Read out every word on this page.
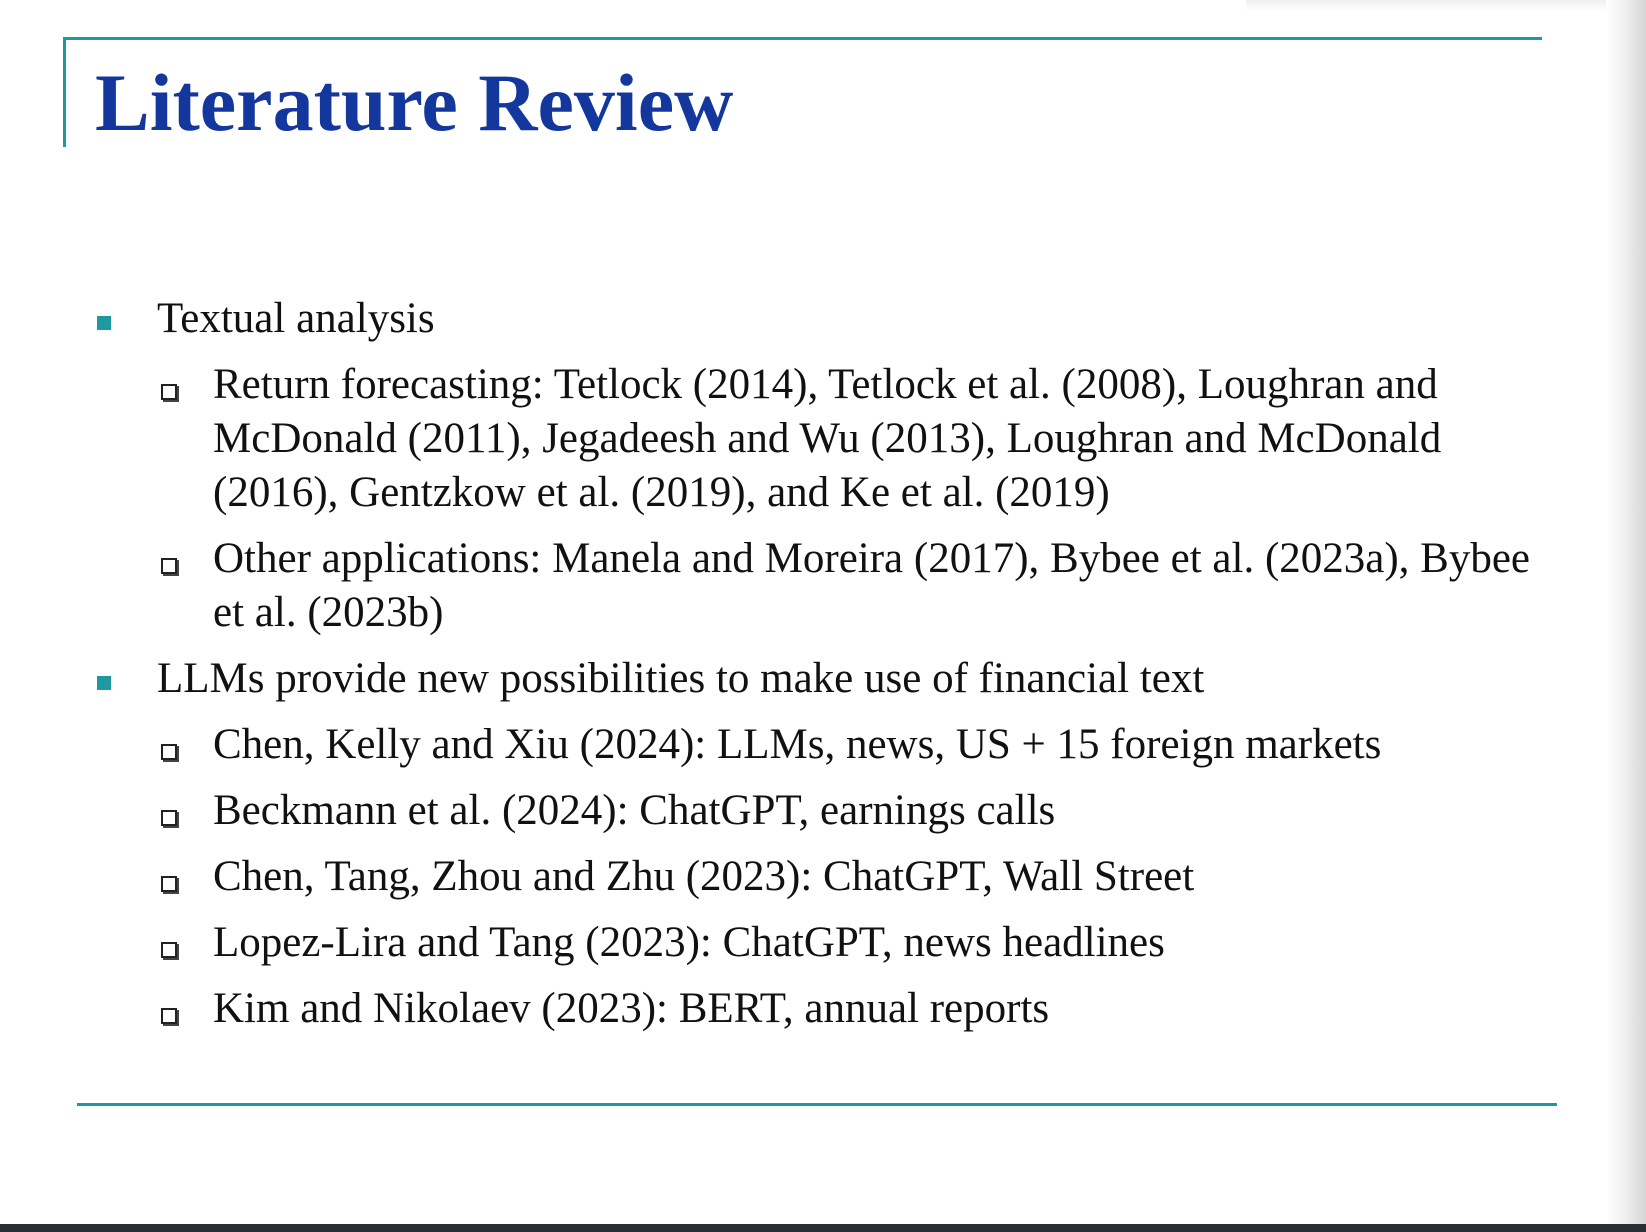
Literature Review
Textual analysis
Return forecasting: Tetlock (2014), Tetlock et al. (2008), Loughran and McDonald (2011), Jegadeesh and Wu (2013), Loughran and McDonald (2016), Gentzkow et al. (2019), and Ke et al. (2019)
Other applications: Manela and Moreira (2017), Bybee et al. (2023a), Bybee et al. (2023b)
LLMs provide new possibilities to make use of financial text
Chen, Kelly and Xiu (2024): LLMs, news, US + 15 foreign markets
Beckmann et al. (2024): ChatGPT, earnings calls
Chen, Tang, Zhou and Zhu (2023): ChatGPT, Wall Street
Lopez-Lira and Tang (2023): ChatGPT, news headlines
Kim and Nikolaev (2023): BERT, annual reports
